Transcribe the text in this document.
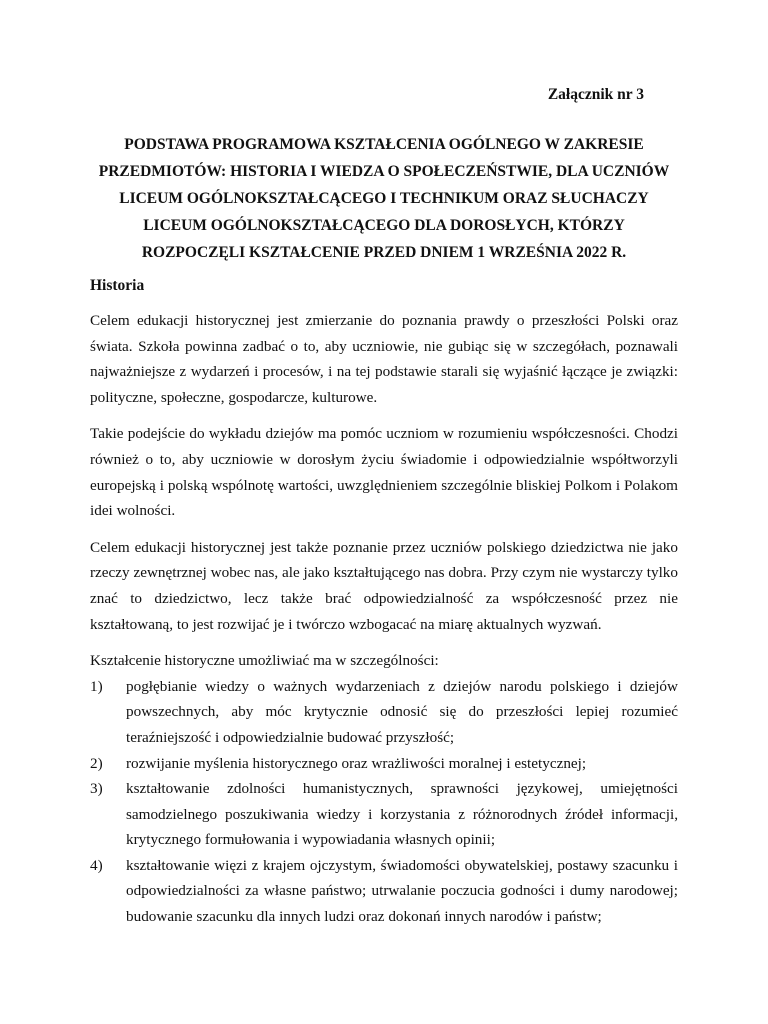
Załącznik nr 3

PODSTAWA PROGRAMOWA KSZTAŁCENIA OGÓLNEGO W ZAKRESIE
PRZEDMIOTÓW: HISTORIA I WIEDZA O SPOŁECZEŃSTWIE, DLA UCZNIÓW
LICEUM OGÓLNOKSZTAŁCĄCEGO I TECHNIKUM ORAZ SŁUCHACZY
LICEUM OGÓLNOKSZTAŁCĄCEGO DLA DOROSŁYCH, KTÓRZY
ROZPOCZĘLI KSZTAŁCENIE PRZED DNIEM 1 WRZEŚNIA 2022 R.
Historia

Celem edukacji historycznej jest zmierzanie do poznania prawdy o przeszłości Polski oraz świata. Szkoła powinna zadbać o to, aby uczniowie, nie gubiąc się w szczegółach, poznawali najważniejsze z wydarzeń i procesów, i na tej podstawie starali się wyjaśnić łączące je związki: polityczne, społeczne, gospodarcze, kulturowe.

Takie podejście do wykładu dziejów ma pomóc uczniom w rozumieniu współczesności. Chodzi również o to, aby uczniowie w dorosłym życiu świadomie i odpowiedzialnie współtworzyli europejską i polską wspólnotę wartości, uwzględnieniem szczególnie bliskiej Polkom i Polakom idei wolności.

Celem edukacji historycznej jest także poznanie przez uczniów polskiego dziedzictwa nie jako rzeczy zewnętrznej wobec nas, ale jako kształtującego nas dobra. Przy czym nie wystarczy tylko znać to dziedzictwo, lecz także brać odpowiedzialność za współczesność przez nie kształtowaną, to jest rozwijać je i twórczo wzbogacać na miarę aktualnych wyzwań.

Kształcenie historyczne umożliwiać ma w szczególności:

1) pogłębianie wiedzy o ważnych wydarzeniach z dziejów narodu polskiego i dziejów powszechnych, aby móc krytycznie odnosić się do przeszłości lepiej rozumieć teraźniejszość i odpowiedzialnie budować przyszłość;
2) rozwijanie myślenia historycznego oraz wrażliwości moralnej i estetycznej;
3) kształtowanie zdolności humanistycznych, sprawności językowej, umiejętności samodzielnego poszukiwania wiedzy i korzystania z różnorodnych źródeł informacji, krytycznego formułowania i wypowiadania własnych opinii;
4) kształtowanie więzi z krajem ojczystym, świadomości obywatelskiej, postawy szacunku i odpowiedzialności za własne państwo; utrwalanie poczucia godności i dumy narodowej; budowanie szacunku dla innych ludzi oraz dokonań innych narodów i państw;
